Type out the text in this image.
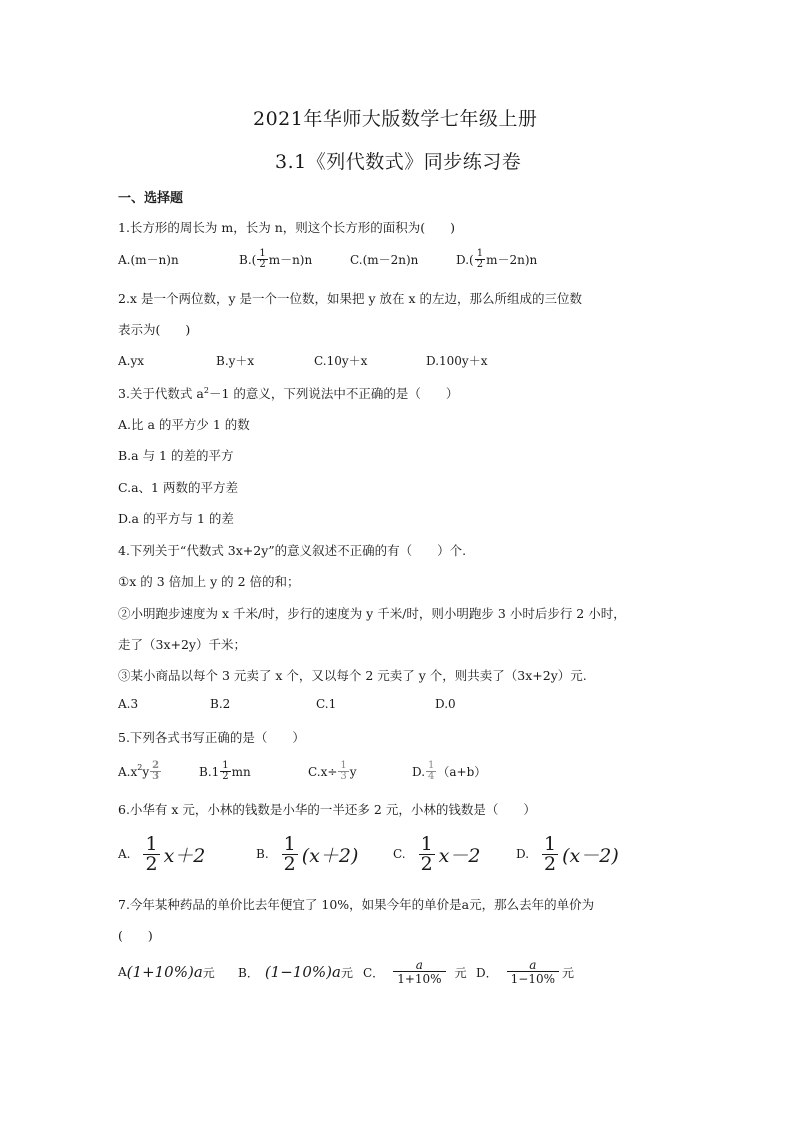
2021年华师大版数学七年级上册
3.1《列代数式》同步练习卷
一、选择题
1.长方形的周长为 m，长为 n，则这个长方形的面积为(　　)
A.(m－n)n	$B.( \frac{1}{2} m-n)n$	C.(m－2n)n	$D.( \frac{1}{2} m-2n)n$
2.x 是一个两位数，y 是一个一位数，如果把 y 放在 x 的左边，那么所组成的三位数
表示为(　　)
A.yx	B.y＋x	C.10y＋x	D.100y＋x
3.关于代数式 $a^2-1$ 的意义，下列说法中不正确的是（　　）
A.比 a 的平方少 1 的数
B.a 与 1 的差的平方
C.a、1 两数的平方差
D.a 的平方与 1 的差
4.下列关于“代数式 3x+2y”的意义叙述不正确的有（　　）个.
①x 的 3 倍加上 y 的 2 倍的和；
②小明跑步速度为 x 千米/时，步行的速度为 y 千米/时，则小明跑步 3 小时后步行 2 小时，
走了（3x+2y）千米；
③某小商品以每个 3 元卖了 x 个，又以每个 2 元卖了 y 个，则共卖了（3x+2y）元.
A.3	B.2	C.1	D.0
5.下列各式书写正确的是（　　）
$A.x^2$ y $\frac{2}{3}$	$B.1 \frac{1}{2}$ mn	$C.x\div \frac{1}{3}$ y	D. $\frac{1}{4} (a+b)$
6.小华有 x 元，小林的钱数是小华的一半还多 2 元，小林的钱数是（　　）
A. $\frac{1}{2} x+2$	B. $\frac{1}{2} (x+2)$	C. $\frac{1}{2} x-2$	D. $\frac{1}{2} (x-2)$
7.今年某种药品的单价比去年便宜了 10%，如果今年的单价是a元，那么去年的单价为
(　　)
A (1+10%)a 元 B． (1−10%)a 元 C． $\frac{a}{1+10\%}$ 元 D． $\frac{a}{1-10\%}$ 元
